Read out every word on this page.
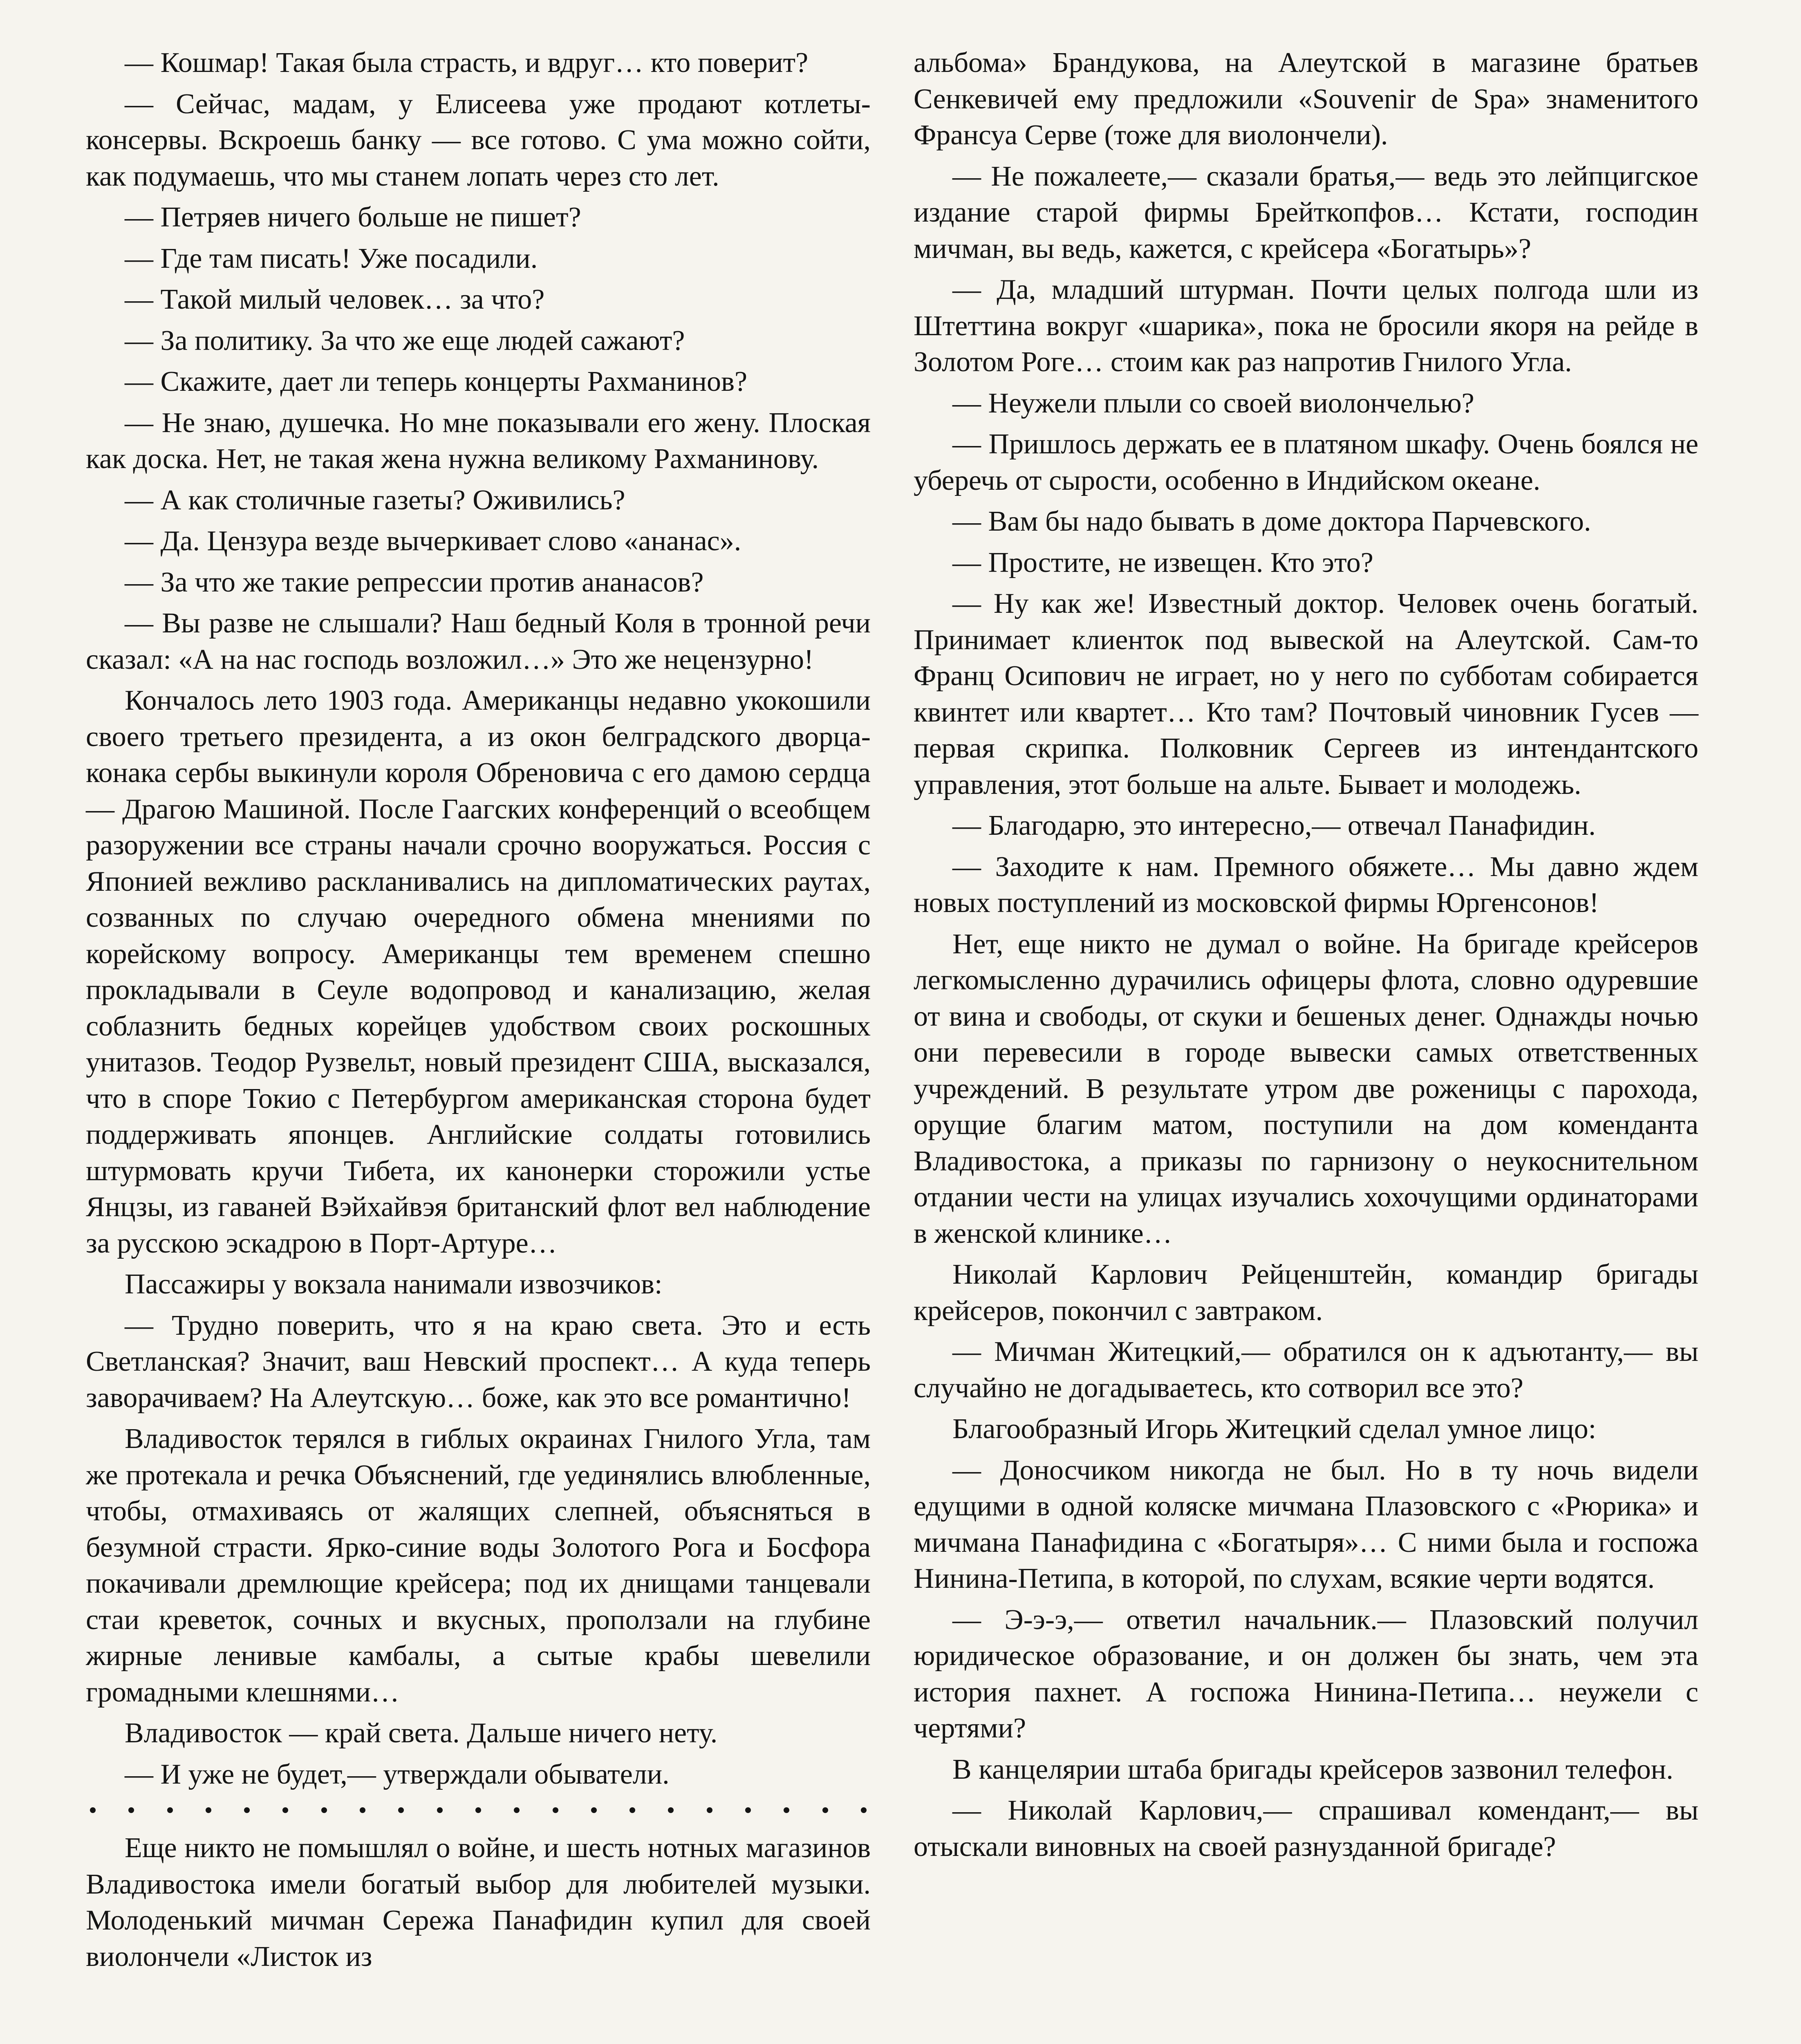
— Кошмар! Такая была страсть, и вдруг… кто поверит?

— Сейчас, мадам, у Елисеева уже продают котлеты-консервы. Вскроешь банку — все готово. С ума можно сойти, как подумаешь, что мы станем лопать через сто лет.

— Петряев ничего больше не пишет?

— Где там писать! Уже посадили.

— Такой милый человек… за что?

— За политику. За что же еще людей сажают?

— Скажите, дает ли теперь концерты Рахманинов?

— Не знаю, душечка. Но мне показывали его жену. Плоская как доска. Нет, не такая жена нужна великому Рахманинову.

— А как столичные газеты? Оживились?

— Да. Цензура везде вычеркивает слово «ананас».

— За что же такие репрессии против ананасов?

— Вы разве не слышали? Наш бедный Коля в тронной речи сказал: «А на нас господь возложил…» Это же нецензурно!

Кончалось лето 1903 года. Американцы недавно укокошили своего третьего президента, а из окон белградского дворца-конака сербы выкинули короля Обреновича с его дамою сердца — Драгою Машиной. После Гаагских конференций о всеобщем разоружении все страны начали срочно вооружаться. Россия с Японией вежливо раскланивались на дипломатических раутах, созванных по случаю очередного обмена мнениями по корейскому вопросу. Американцы тем временем спешно прокладывали в Сеуле водопровод и канализацию, желая соблазнить бедных корейцев удобством своих роскошных унитазов. Теодор Рузвельт, новый президент США, высказался, что в споре Токио с Петербургом американская сторона будет поддерживать японцев. Английские солдаты готовились штурмовать кручи Тибета, их канонерки сторожили устье Янцзы, из гаваней Вэйхайвэя британский флот вел наблюдение за русскою эскадрою в Порт-Артуре…

Пассажиры у вокзала нанимали извозчиков:

— Трудно поверить, что я на краю света. Это и есть Светланская? Значит, ваш Невский проспект… А куда теперь заворачиваем? На Алеутскую… боже, как это все романтично!

Владивосток терялся в гиблых окраинах Гнилого Угла, там же протекала и речка Объяснений, где уединялись влюбленные, чтобы, отмахиваясь от жалящих слепней, объясняться в безумной страсти. Ярко-синие воды Золотого Рога и Босфора покачивали дремлющие крейсера; под их днищами танцевали стаи креветок, сочных и вкусных, проползали на глубине жирные ленивые камбалы, а сытые крабы шевелили громадными клешнями…

Владивосток — край света. Дальше ничего нету.

— И уже не будет,— утверждали обыватели.

Еще никто не помышлял о войне, и шесть нотных магазинов Владивостока имели богатый выбор для любителей музыки. Молоденький мичман Сережа Панафидин купил для своей виолончели «Листок из

альбома» Брандукова, на Алеутской в магазине братьев Сенкевичей ему предложили «Souvenir de Spa» знаменитого Франсуа Серве (тоже для виолончели).

— Не пожалеете,— сказали братья,— ведь это лейпцигское издание старой фирмы Брейткопфов… Кстати, господин мичман, вы ведь, кажется, с крейсера «Богатырь»?

— Да, младший штурман. Почти целых полгода шли из Штеттина вокруг «шарика», пока не бросили якоря на рейде в Золотом Роге… стоим как раз напротив Гнилого Угла.

— Неужели плыли со своей виолончелью?

— Пришлось держать ее в платяном шкафу. Очень боялся не уберечь от сырости, особенно в Индийском океане.

— Вам бы надо бывать в доме доктора Парчевского.

— Простите, не извещен. Кто это?

— Ну как же! Известный доктор. Человек очень богатый. Принимает клиенток под вывеской на Алеутской. Сам-то Франц Осипович не играет, но у него по субботам собирается квинтет или квартет… Кто там? Почтовый чиновник Гусев — первая скрипка. Полковник Сергеев из интендантского управления, этот больше на альте. Бывает и молодежь.

— Благодарю, это интересно,— отвечал Панафидин.

— Заходите к нам. Премного обяжете… Мы давно ждем новых поступлений из московской фирмы Юргенсонов!

Нет, еще никто не думал о войне. На бригаде крейсеров легкомысленно дурачились офицеры флота, словно одуревшие от вина и свободы, от скуки и бешеных денег. Однажды ночью они перевесили в городе вывески самых ответственных учреждений. В результате утром две роженицы с парохода, орущие благим матом, поступили на дом коменданта Владивостока, а приказы по гарнизону о неукоснительном отдании чести на улицах изучались хохочущими ординаторами в женской клинике…

Николай Карлович Рейценштейн, командир бригады крейсеров, покончил с завтраком.

— Мичман Житецкий,— обратился он к адъютанту,— вы случайно не догадываетесь, кто сотворил все это?

Благообразный Игорь Житецкий сделал умное лицо:

— Доносчиком никогда не был. Но в ту ночь видели едущими в одной коляске мичмана Плазовского с «Рюрика» и мичмана Панафидина с «Богатыря»… С ними была и госпожа Нинина-Петипа, в которой, по слухам, всякие черти водятся.

— Э-э-э,— ответил начальник.— Плазовский получил юридическое образование, и он должен бы знать, чем эта история пахнет. А госпожа Нинина-Петипа… неужели с чертями?

В канцелярии штаба бригады крейсеров зазвонил телефон.

— Николай Карлович,— спрашивал комендант,— вы отыскали виновных на своей разнузданной бригаде?
